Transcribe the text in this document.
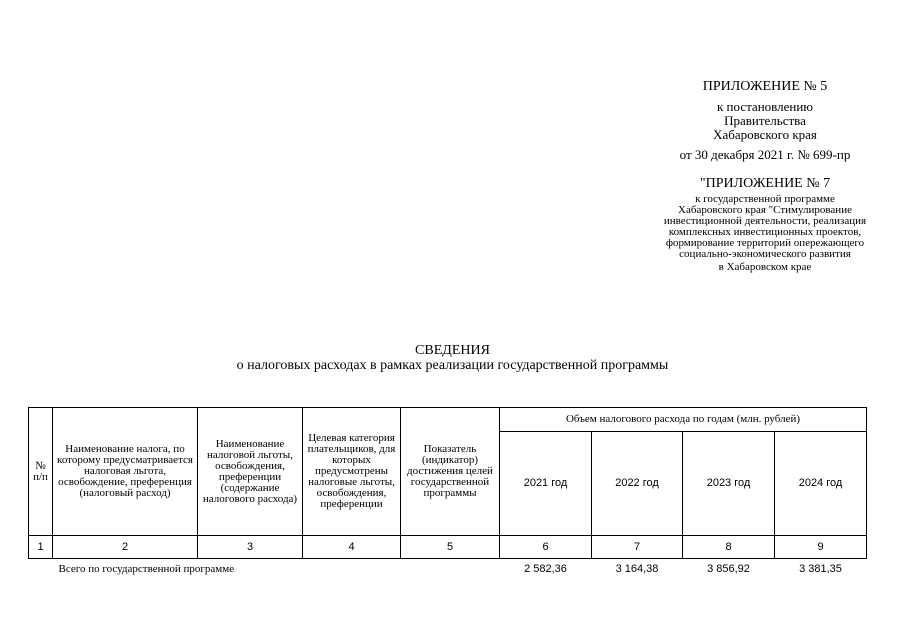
ПРИЛОЖЕНИЕ № 5
к постановлению
Правительства
Хабаровского края
от 30 декабря 2021 г. № 699-пр
"ПРИЛОЖЕНИЕ № 7
к государственной программе
Хабаровского края "Стимулирование
инвестиционной деятельности, реализация
комплексных инвестиционных проектов,
формирование территорий опережающего
социально-экономического развития
в Хабаровском крае
СВЕДЕНИЯ
о налоговых расходах в рамках реализации государственной программы
№ п/п	Наименование налога, по которому предусматривается налоговая льгота, освобождение, преференция (налоговый расход)	Наименование налоговой льготы, освобождения, преференции (содержание налогового расхода)	Целевая категория плательщиков, для которых предусмотрены налоговые льготы, освобождения, преференции	Показатель (индикатор) достижения целей государственной программы	Объем налогового расхода по годам (млн. рублей)			
					2021 год	2022 год	2023 год	2024 год
1	2	3	4	5	6	7	8	9
Всего по государственной программе					2 582,36	3 164,38	3 856,92	3 381,35
